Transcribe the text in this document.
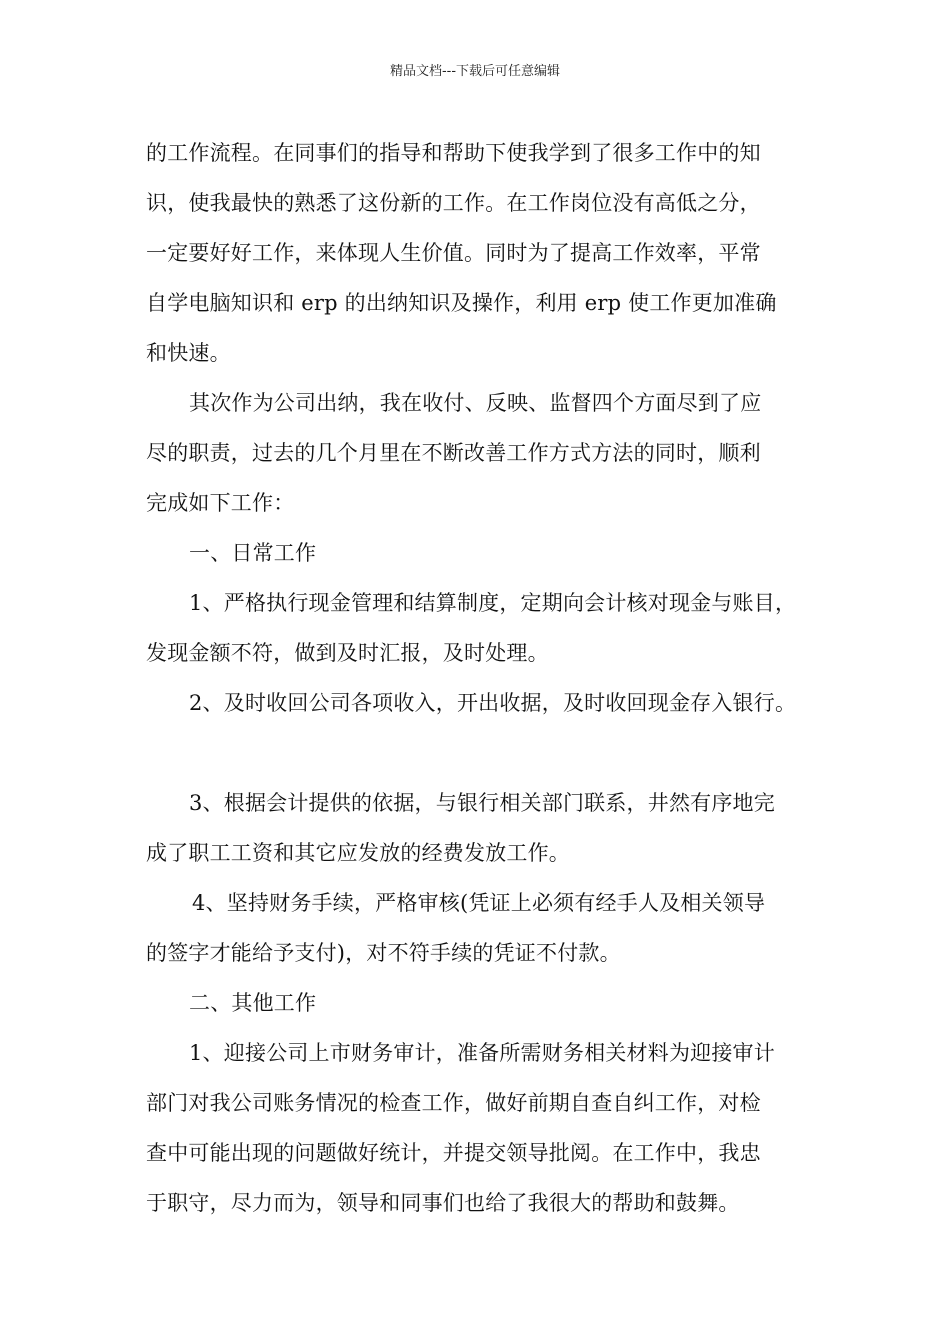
精品文档---下载后可任意编辑
的工作流程。在同事们的指导和帮助下使我学到了很多工作中的知
识，使我最快的熟悉了这份新的工作。在工作岗位没有高低之分，
一定要好好工作，来体现人生价值。同时为了提高工作效率，平常
自学电脑知识和 erp 的出纳知识及操作，利用 erp 使工作更加准确
和快速。
其次作为公司出纳，我在收付、反映、监督四个方面尽到了应
尽的职责，过去的几个月里在不断改善工作方式方法的同时，顺利
完成如下工作：
一、日常工作
1、严格执行现金管理和结算制度，定期向会计核对现金与账目，
发现金额不符，做到及时汇报，及时处理。
2、及时收回公司各项收入，开出收据，及时收回现金存入银行。
3、根据会计提供的依据，与银行相关部门联系，井然有序地完
成了职工工资和其它应发放的经费发放工作。
4、坚持财务手续，严格审核(凭证上必须有经手人及相关领导
的签字才能给予支付)，对不符手续的凭证不付款。
二、其他工作
1、迎接公司上市财务审计，准备所需财务相关材料为迎接审计
部门对我公司账务情况的检查工作，做好前期自查自纠工作，对检
查中可能出现的问题做好统计，并提交领导批阅。在工作中，我忠
于职守，尽力而为，领导和同事们也给了我很大的帮助和鼓舞。
